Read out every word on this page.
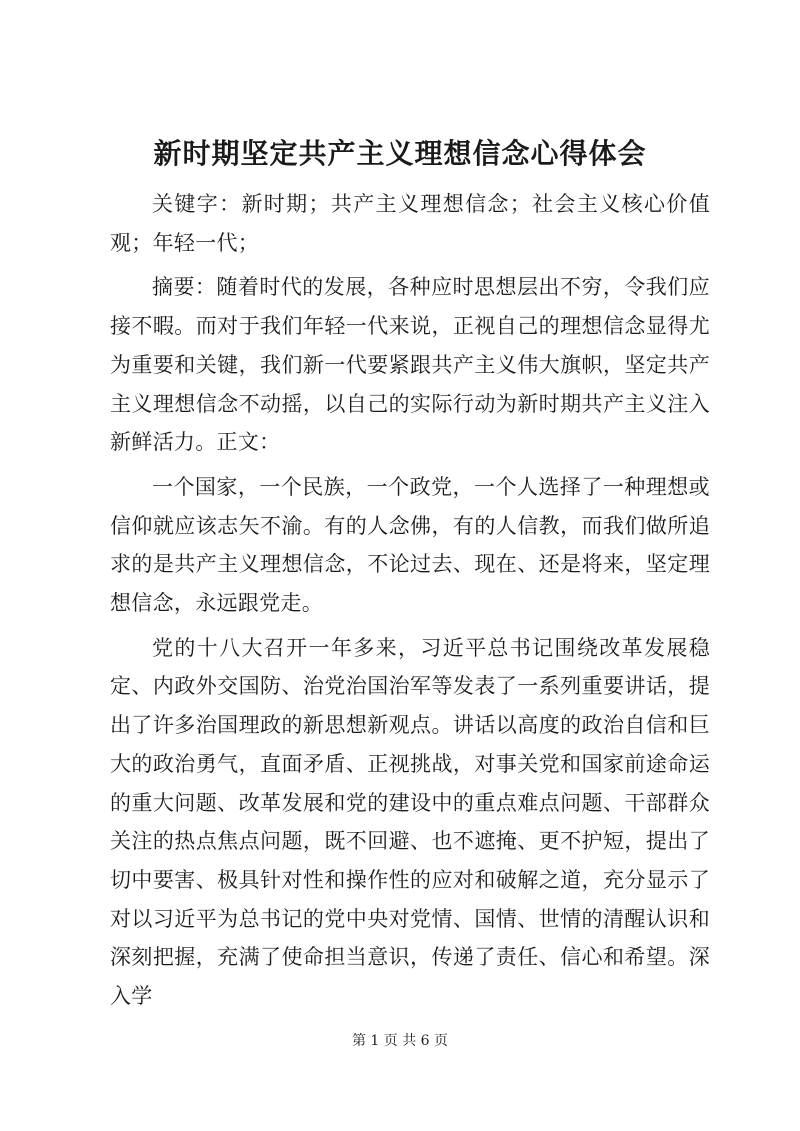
新时期坚定共产主义理想信念心得体会

关键字：新时期；共产主义理想信念；社会主义核心价值观；年轻一代；

摘要：随着时代的发展，各种应时思想层出不穷，令我们应接不暇。而对于我们年轻一代来说，正视自己的理想信念显得尤为重要和关键，我们新一代要紧跟共产主义伟大旗帜，坚定共产主义理想信念不动摇，以自己的实际行动为新时期共产主义注入新鲜活力。正文：

一个国家，一个民族，一个政党，一个人选择了一种理想或信仰就应该志矢不渝。有的人念佛，有的人信教，而我们做所追求的是共产主义理想信念，不论过去、现在、还是将来，坚定理想信念，永远跟党走。

党的十八大召开一年多来，习近平总书记围绕改革发展稳定、内政外交国防、治党治国治军等发表了一系列重要讲话，提出了许多治国理政的新思想新观点。讲话以高度的政治自信和巨大的政治勇气，直面矛盾、正视挑战，对事关党和国家前途命运的重大问题、改革发展和党的建设中的重点难点问题、干部群众关注的热点焦点问题，既不回避、也不遮掩、更不护短，提出了切中要害、极具针对性和操作性的应对和破解之道，充分显示了对以习近平为总书记的党中央对党情、国情、世情的清醒认识和深刻把握，充满了使命担当意识，传递了责任、信心和希望。深入学

第 1 页 共 6 页
